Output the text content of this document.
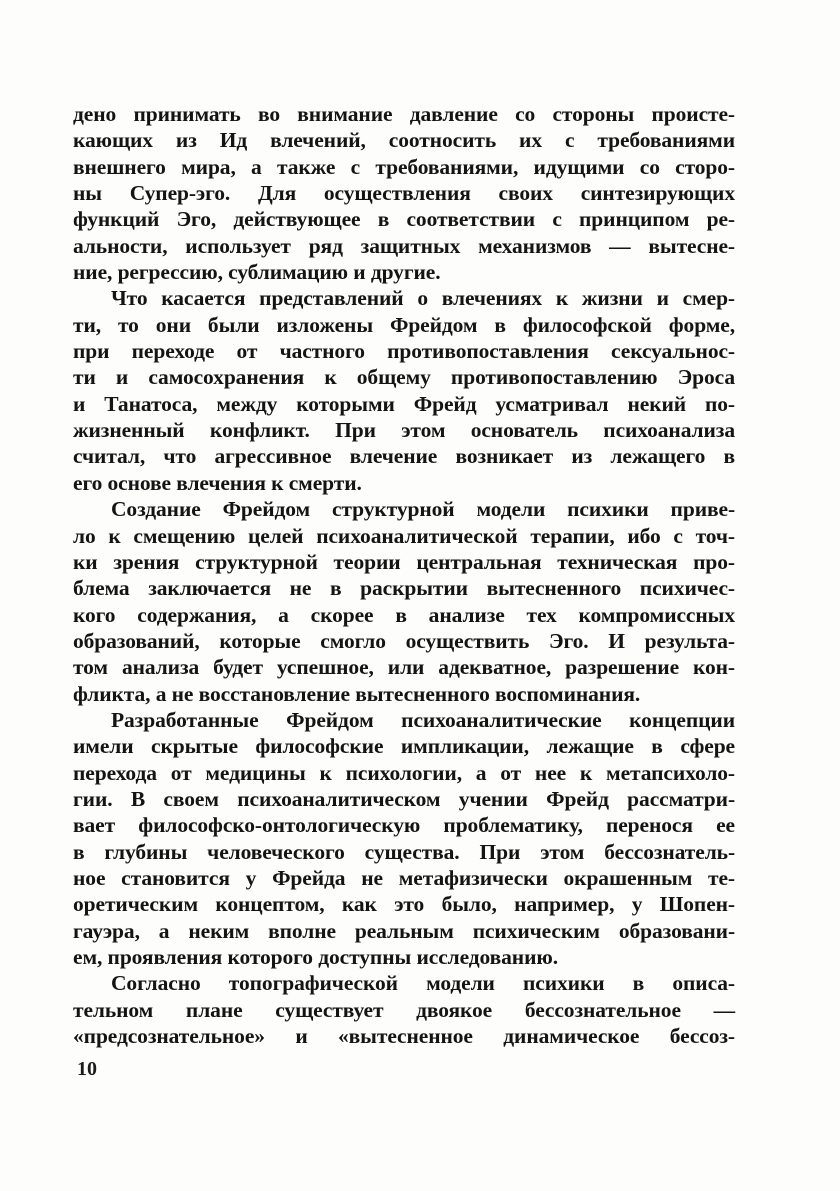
дено принимать во внимание давление со стороны происте-
кающих из Ид влечений, соотносить их с требованиями
внешнего мира, а также с требованиями, идущими со сторо-
ны Супер-эго. Для осуществления своих синтезирующих
функций Эго, действующее в соответствии с принципом ре-
альности, использует ряд защитных механизмов — вытесне-
ние, регрессию, сублимацию и другие.
Что касается представлений о влечениях к жизни и смер-
ти, то они были изложены Фрейдом в философской форме,
при переходе от частного противопоставления сексуальнос-
ти и самосохранения к общему противопоставлению Эроса
и Танатоса, между которыми Фрейд усматривал некий по-
жизненный конфликт. При этом основатель психоанализа
считал, что агрессивное влечение возникает из лежащего в
его основе влечения к смерти.
Создание Фрейдом структурной модели психики приве-
ло к смещению целей психоаналитической терапии, ибо с точ-
ки зрения структурной теории центральная техническая про-
блема заключается не в раскрытии вытесненного психичес-
кого содержания, а скорее в анализе тех компромиссных
образований, которые смогло осуществить Эго. И результа-
том анализа будет успешное, или адекватное, разрешение кон-
фликта, а не восстановление вытесненного воспоминания.
Разработанные Фрейдом психоаналитические концепции
имели скрытые философские импликации, лежащие в сфере
перехода от медицины к психологии, а от нее к метапсихоло-
гии. В своем психоаналитическом учении Фрейд рассматри-
вает философско-онтологическую проблематику, перенося ее
в глубины человеческого существа. При этом бессознатель-
ное становится у Фрейда не метафизически окрашенным те-
оретическим концептом, как это было, например, у Шопен-
гауэра, а неким вполне реальным психическим образовани-
ем, проявления которого доступны исследованию.
Согласно топографической модели психики в описа-
тельном плане существует двоякое бессознательное —
«предсознательное» и «вытесненное динамическое бессоз-
10
